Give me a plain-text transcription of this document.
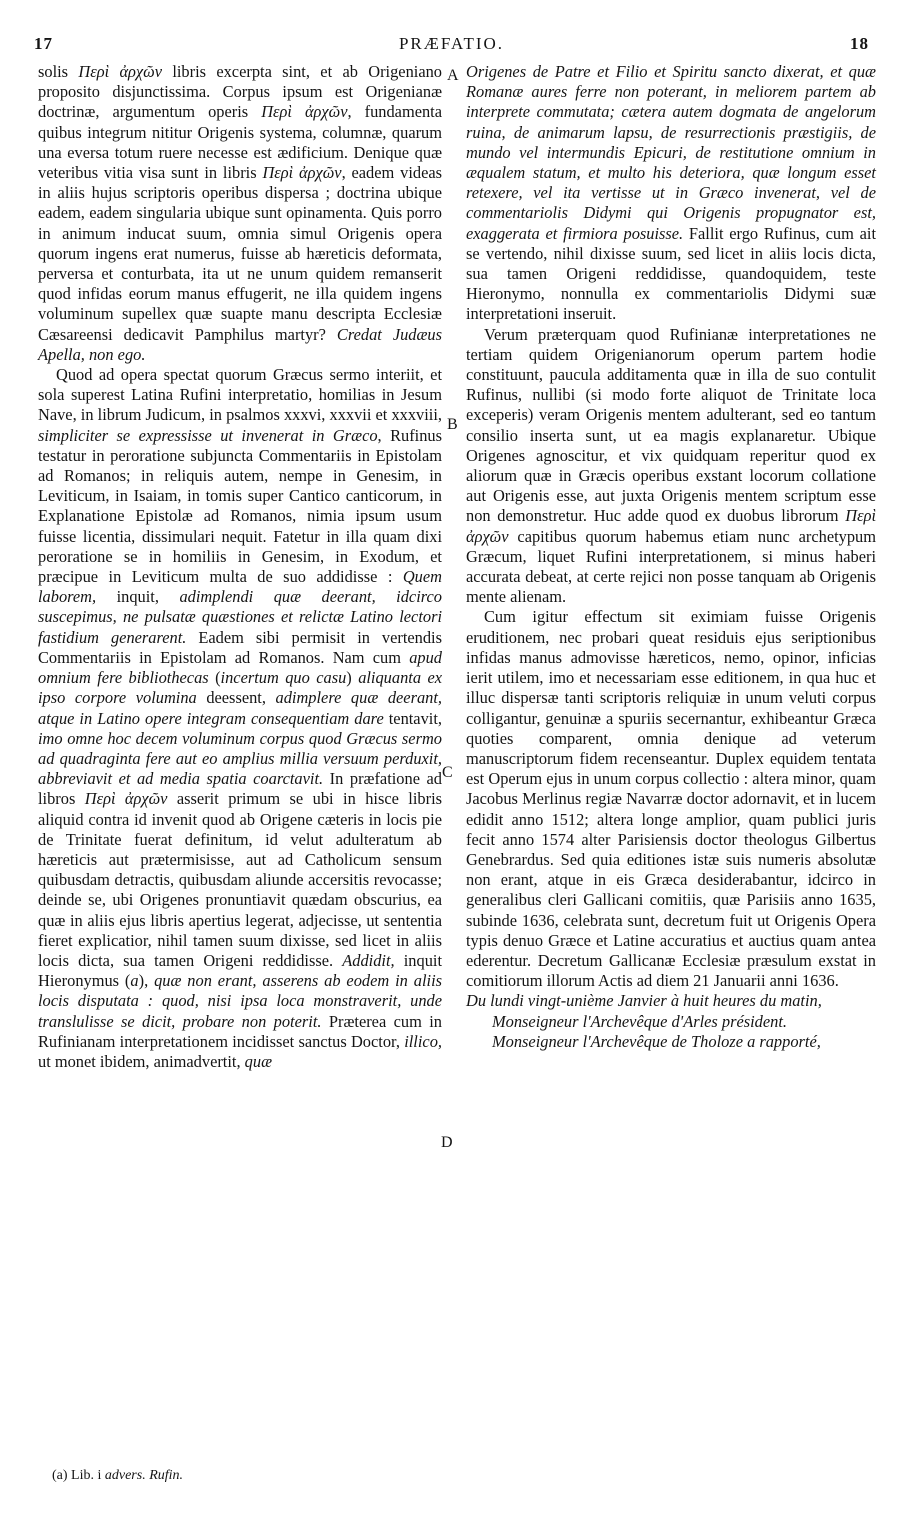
17	PRÆFATIO.	18

solis Περὶ ἀρχῶν libris excerpta sint, et ab Origeniano proposito disjunctissima. Corpus ipsum est Origenianæ doctrinæ, argumentum operis Περὶ ἀρχῶν, fundamenta quibus integrum nititur Origenis systema, columnæ, quarum una eversa totum ruere necesse est ædificium. Denique quæ veteribus vitia visa sunt in libris Περὶ ἀρχῶν, eadem videas in aliis hujus scriptoris operibus dispersa ; doctrina ubique eadem, eadem singularia ubique sunt opinamenta. Quis porro in animum inducat suum, omnia simul Origenis opera quorum ingens erat numerus, fuisse ab hæreticis deformata, perversa et conturbata, ita ut ne unum quidem remanserit quod infidas eorum manus effugerit, ne illa quidem ingens voluminum supellex quæ suapte manu descripta Ecclesiæ Cæsareensi dedicavit Pamphilus martyr? Credat Judæus Apella, non ego.

Quod ad opera spectat quorum Græcus sermo interiit, et sola superest Latina Rufini interpretatio, homilias in Jesum Nave, in librum Judicum, in psalmos xxxvi, xxxvii et xxxviii, simpliciter se expressisse ut invenerat in Græco, Rufinus testatur in peroratione subjuncta Commentariis in Epistolam ad Romanos; in reliquis autem, nempe in Genesim, in Leviticum, in Isaiam, in tomis super Cantico canticorum, in Explanatione Epistolæ ad Romanos, nimia ipsum usum fuisse licentia, dissimulari nequit. Fatetur in illa quam dixi peroratione se in homiliis in Genesim, in Exodum, et præcipue in Leviticum multa de suo addidisse : Quem laborem, inquit, adimplendi quæ deerant, idcirco suscepimus, ne pulsatæ quæstiones et relictæ Latino lectori fastidium generarent. Eadem sibi permisit in vertendis Commentariis in Epistolam ad Romanos. Nam cum apud omnium fere bibliothecas (incertum quo casu) aliquanta ex ipso corpore volumina deessent, adimplere quæ deerant, atque in Latino opere integram consequentiam dare tentavit, imo omne hoc decem voluminum corpus quod Græcus sermo ad quadraginta fere aut eo amplius millia versuum perduxit, abbreviavit et ad media spatia coarctavit. In præfatione ad libros Περὶ ἀρχῶν asserit primum se ubi in hisce libris aliquid contra id invenit quod ab Origene cæteris in locis pie de Trinitate fuerat definitum, id velut adulteratum ab hæreticis aut prætermisisse, aut ad Catholicum sensum quibusdam detractis, quibusdam aliunde accersitis revocasse; deinde se, ubi Origenes pronuntiavit quædam obscurius, ea quæ in aliis ejus libris apertius legerat, adjecisse, ut sententia fieret explicatior, nihil tamen suum dixisse, sed licet in aliis locis dicta, sua tamen Origeni reddidisse. Addidit, inquit Hieronymus (a), quæ non erant, asserens ab eodem in aliis locis disputata : quod, nisi ipsa loca monstraverit, unde translulisse se dicit, probare non poterit. Præterea cum in Rufinianam interpretationem incidisset sanctus Doctor, illico, ut monet ibidem, animadvertit, quæ

Origenes de Patre et Filio et Spiritu sancto dixerat, et quæ Romanæ aures ferre non poterant, in meliorem partem ab interprete commutata; cætera autem dogmata de angelorum ruina, de animarum lapsu, de resurrectionis præstigiis, de mundo vel intermundis Epicuri, de restitutione omnium in æqualem statum, et multo his deteriora, quæ longum esset retexere, vel ita vertisse ut in Græco invenerat, vel de commentariolis Didymi qui Origenis propugnator est, exaggerata et firmiora posuisse. Fallit ergo Rufinus, cum ait se vertendo, nihil dixisse suum, sed licet in aliis locis dicta, sua tamen Origeni reddidisse, quandoquidem, teste Hieronymo, nonnulla ex commentariolis Didymi suæ interpretationi inseruit.

Verum præterquam quod Rufinianæ interpretationes ne tertiam quidem Origenianorum operum partem hodie constituunt, paucula additamenta quæ in illa de suo contulit Rufinus, nullibi (si modo forte aliquot de Trinitate loca exceperis) veram Origenis mentem adulterant, sed eo tantum consilio inserta sunt, ut ea magis explanaretur. Ubique Origenes agnoscitur, et vix quidquam reperitur quod ex aliorum quæ in Græcis operibus exstant locorum collatione aut Origenis esse, aut juxta Origenis mentem scriptum esse non demonstretur. Huc adde quod ex duobus librorum Περὶ ἀρχῶν capitibus quorum habemus etiam nunc archetypum Græcum, liquet Rufini interpretationem, si minus haberi accurata debeat, at certe rejici non posse tanquam ab Origenis mente alienam.

Cum igitur effectum sit eximiam fuisse Origenis eruditionem, nec probari queat residuis ejus seriptionibus infidas manus admovisse hæreticos, nemo, opinor, inficias ierit utilem, imo et necessariam esse editionem, in qua huc et illuc dispersæ tanti scriptoris reliquiæ in unum veluti corpus colligantur, genuinæ a spuriis secernantur, exhibeantur Græca quoties comparent, omnia denique ad veterum manuscriptorum fidem recenseantur. Duplex equidem tentata est Operum ejus in unum corpus collectio : altera minor, quam Jacobus Merlinus regiæ Navarræ doctor adornavit, et in lucem edidit anno 1512; altera longe amplior, quam publici juris fecit anno 1574 alter Parisiensis doctor theologus Gilbertus Genebrardus. Sed quia editiones istæ suis numeris absolutæ non erant, atque in eis Græca desiderabantur, idcirco in generalibus cleri Gallicani comitiis, quæ Parisiis anno 1635, subinde 1636, celebrata sunt, decretum fuit ut Origenis Opera typis denuo Græce et Latine accuratius et auctius quam antea ederentur. Decretum Gallicanæ Ecclesiæ præsulum exstat in comitiorum illorum Actis ad diem 21 Januarii anni 1636.

Du lundi vingt-unième Janvier à huit heures du matin,

Monseigneur l'Archevêque d'Arles président.

Monseigneur l'Archevêque de Tholoze a rapporté,

A
B
C
D
(a) Lib. i advers. Rufin.
